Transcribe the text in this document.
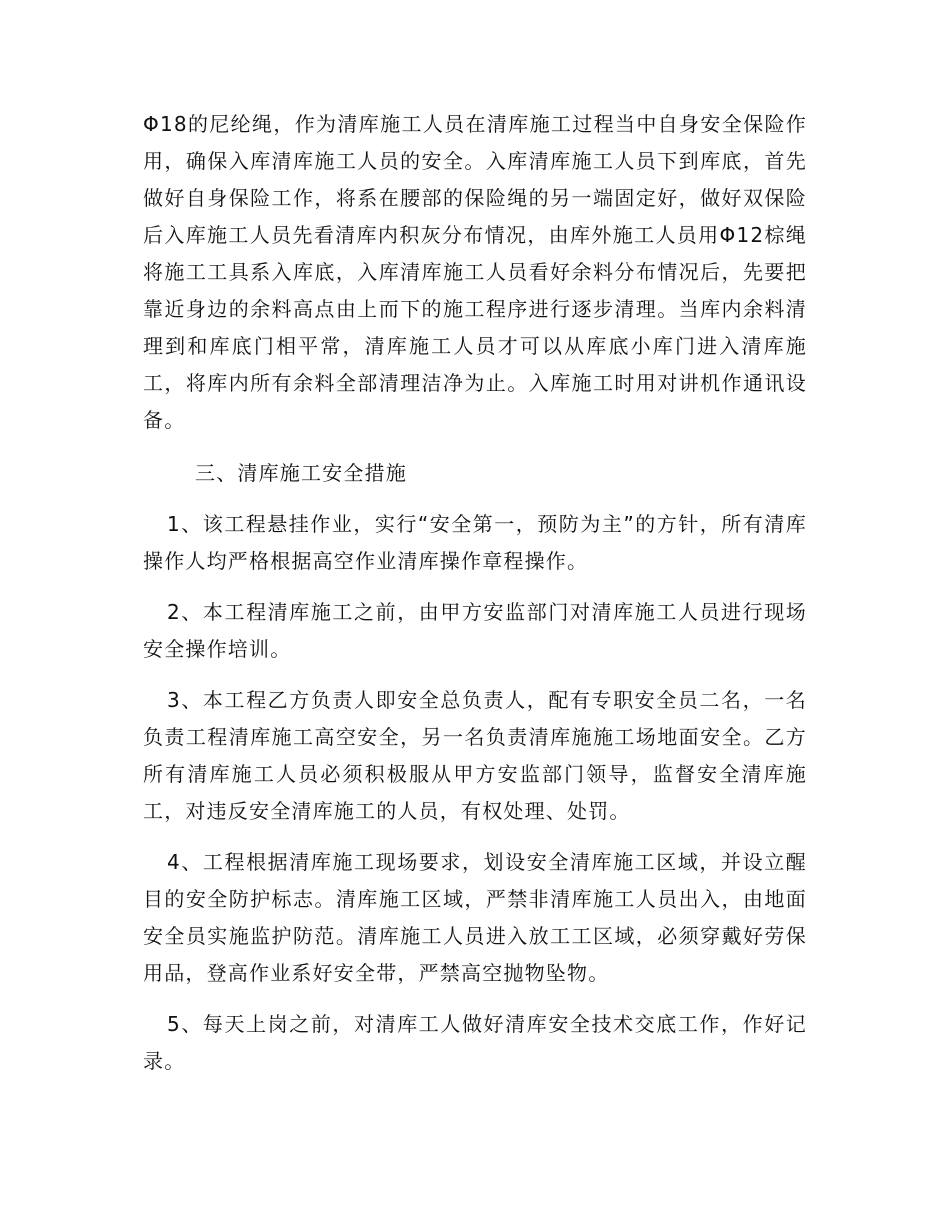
Φ18的尼纶绳，作为清库施工人员在清库施工过程当中自身安全保险作用，确保入库清库施工人员的安全。入库清库施工人员下到库底，首先做好自身保险工作，将系在腰部的保险绳的另一端固定好，做好双保险后入库施工人员先看清库内积灰分布情况，由库外施工人员用Φ12棕绳将施工工具系入库底，入库清库施工人员看好余料分布情况后，先要把靠近身边的余料高点由上而下的施工程序进行逐步清理。当库内余料清理到和库底门相平常，清库施工人员才可以从库底小库门进入清库施工，将库内所有余料全部清理洁净为止。入库施工时用对讲机作通讯设备。

三、清库施工安全措施

1、该工程悬挂作业，实行“安全第一，预防为主”的方针，所有清库操作人均严格根据高空作业清库操作章程操作。

2、本工程清库施工之前，由甲方安监部门对清库施工人员进行现场安全操作培训。

3、本工程乙方负责人即安全总负责人，配有专职安全员二名，一名负责工程清库施工高空安全，另一名负责清库施施工场地面安全。乙方所有清库施工人员必须积极服从甲方安监部门领导，监督安全清库施工，对违反安全清库施工的人员，有权处理、处罚。

4、工程根据清库施工现场要求，划设安全清库施工区域，并设立醒目的安全防护标志。清库施工区域，严禁非清库施工人员出入，由地面安全员实施监护防范。清库施工人员进入放工工区域，必须穿戴好劳保用品，登高作业系好安全带，严禁高空抛物坠物。

5、每天上岗之前，对清库工人做好清库安全技术交底工作，作好记录。
